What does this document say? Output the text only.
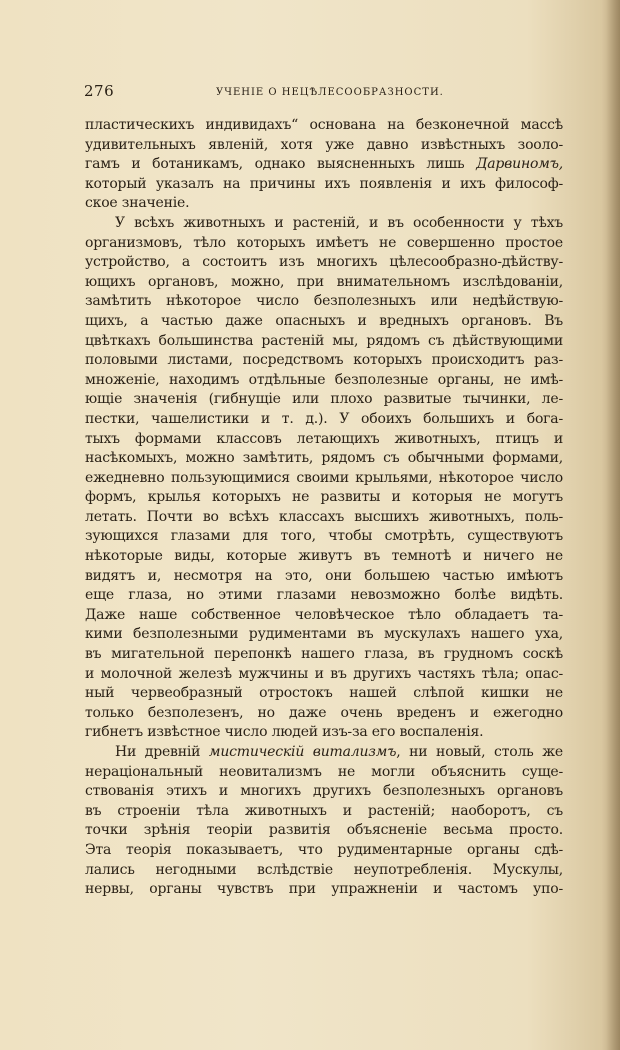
276	УЧЕНІЕ О НЕЦѢЛЕСООБРАЗНОСТИ.
пластическихъ индивидахъ“ основана на безконечной массѣ
удивительныхъ явленій, хотя уже давно извѣстныхъ зооло-
гамъ и ботаникамъ, однако выясненныхъ лишь Дарвиномъ,
который указалъ на причины ихъ появленія и ихъ философ-
ское значеніе.
У всѣхъ животныхъ и растеній, и въ особенности у тѣхъ
организмовъ, тѣло которыхъ имѣетъ не совершенно простое
устройство, а состоитъ изъ многихъ цѣлесообразно-дѣйству-
ющихъ органовъ, можно, при внимательномъ изслѣдованіи,
замѣтить нѣкоторое число безполезныхъ или недѣйствую-
щихъ, а частью даже опасныхъ и вредныхъ органовъ. Въ
цвѣткахъ большинства растеній мы, рядомъ съ дѣйствующими
половыми листами, посредствомъ которыхъ происходитъ раз-
множеніе, находимъ отдѣльные безполезные органы, не имѣ-
ющіе значенія (гибнущіе или плохо развитые тычинки, ле-
пестки, чашелистики и т. д.). У обоихъ большихъ и бога-
тыхъ формами классовъ летающихъ животныхъ, птицъ и
насѣкомыхъ, можно замѣтить, рядомъ съ обычными формами,
ежедневно пользующимися своими крыльями, нѣкоторое число
формъ, крылья которыхъ не развиты и которыя не могутъ
летать. Почти во всѣхъ классахъ высшихъ животныхъ, поль-
зующихся глазами для того, чтобы смотрѣть, существуютъ
нѣкоторые виды, которые живутъ въ темнотѣ и ничего не
видятъ и, несмотря на это, они большею частью имѣютъ
еще глаза, но этими глазами невозможно болѣе видѣть.
Даже наше собственное человѣческое тѣло обладаетъ та-
кими безполезными рудиментами въ мускулахъ нашего уха,
въ мигательной перепонкѣ нашего глаза, въ грудномъ соскѣ
и молочной железѣ мужчины и въ другихъ частяхъ тѣла; опас-
ный червеобразный отростокъ нашей слѣпой кишки не
только безполезенъ, но даже очень вреденъ и ежегодно
гибнетъ извѣстное число людей изъ-за его воспаленія.
Ни древній мистическій витализмъ, ни новый, столь же
нераціональный неовитализмъ не могли объяснить суще-
ствованія этихъ и многихъ другихъ безполезныхъ органовъ
въ строеніи тѣла животныхъ и растеній; наоборотъ, съ
точки зрѣнія теоріи развитія объясненіе весьма просто.
Эта теорія показываетъ, что рудиментарные органы сдѣ-
лались негодными вслѣдствіе неупотребленія. Мускулы,
нервы, органы чувствъ при упражненіи и частомъ упо-
